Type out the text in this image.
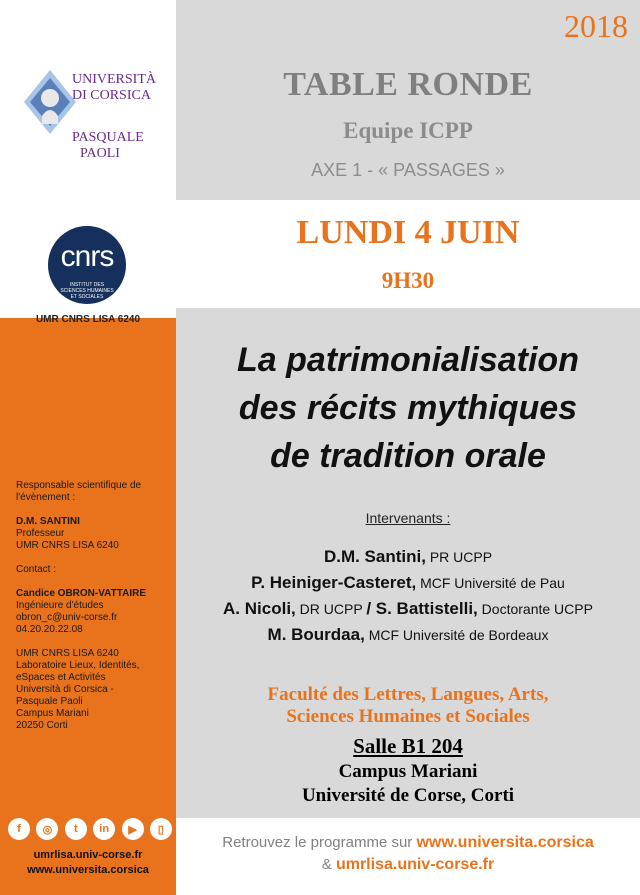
UNIVERSITÀ
DI CORSICA
PASQUALE
PAOLI
cnrs
INSTITUT DES SCIENCES HUMAINES ET SOCIALES
UMR CNRS LISA 6240
Responsable scientifique de l'évènement :
D.M. SANTINI
Professeur
UMR CNRS LISA 6240
Contact :
Candice OBRON-VATTAIRE
Ingénieure d'études
obron_c@univ-corse.fr
04.20.20.22.08
UMR CNRS LISA 6240
Laboratoire Lieux, Identités,
eSpaces et Activités
Università di Corsica -
Pasquale Paoli
Campus Mariani
20250 Corti
f	◎	t	in	▶	▯
umrlisa.univ-corse.fr
www.universita.corsica
2018
TABLE RONDE
Equipe ICPP
AXE 1 - « PASSAGES »
LUNDI 4 JUIN
9H30
La patrimonialisation
des récits mythiques
de tradition orale
Intervenants :
D.M. Santini, PR UCPP
P. Heiniger-Casteret, MCF Université de Pau
A. Nicoli, DR UCPP / S. Battistelli, Doctorante UCPP
M. Bourdaa, MCF Université de Bordeaux
Faculté des Lettres, Langues, Arts,
Sciences Humaines et Sociales
Salle B1 204
Campus Mariani
Université de Corse, Corti
Retrouvez le programme sur www.universita.corsica
& umrlisa.univ-corse.fr
